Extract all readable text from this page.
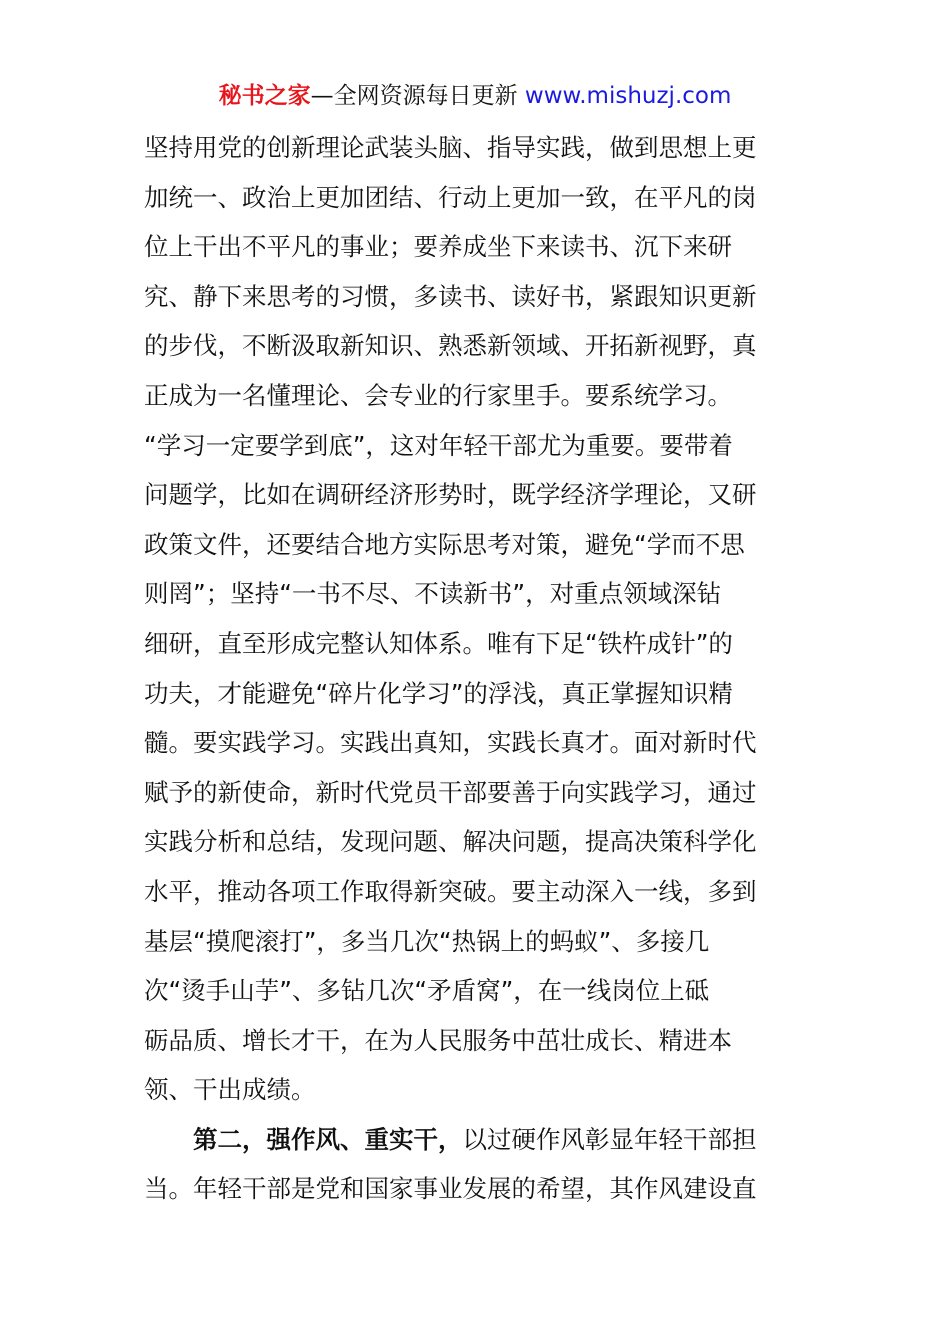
秘书之家—全网资源每日更新 www.mishuzj.com
坚持用党的创新理论武装头脑、指导实践，做到思想上更
加统一、政治上更加团结、行动上更加一致，在平凡的岗
位上干出不平凡的事业；要养成坐下来读书、沉下来研
究、静下来思考的习惯，多读书、读好书，紧跟知识更新
的步伐，不断汲取新知识、熟悉新领域、开拓新视野，真
正成为一名懂理论、会专业的行家里手。要系统学习。
“学习一定要学到底”，这对年轻干部尤为重要。要带着
问题学，比如在调研经济形势时，既学经济学理论，又研
政策文件，还要结合地方实际思考对策，避免“学而不思
则罔”；坚持“一书不尽、不读新书”，对重点领域深钻
细研，直至形成完整认知体系。唯有下足“铁杵成针”的
功夫，才能避免“碎片化学习”的浮浅，真正掌握知识精
髓。要实践学习。实践出真知，实践长真才。面对新时代
赋予的新使命，新时代党员干部要善于向实践学习，通过
实践分析和总结，发现问题、解决问题，提高决策科学化
水平，推动各项工作取得新突破。要主动深入一线，多到
基层“摸爬滚打”，多当几次“热锅上的蚂蚁”、多接几
次“烫手山芋”、多钻几次“矛盾窝”，在一线岗位上砥
砺品质、增长才干，在为人民服务中茁壮成长、精进本
领、干出成绩。
第二，强作风、重实干，以过硬作风彰显年轻干部担
当。年轻干部是党和国家事业发展的希望，其作风建设直
